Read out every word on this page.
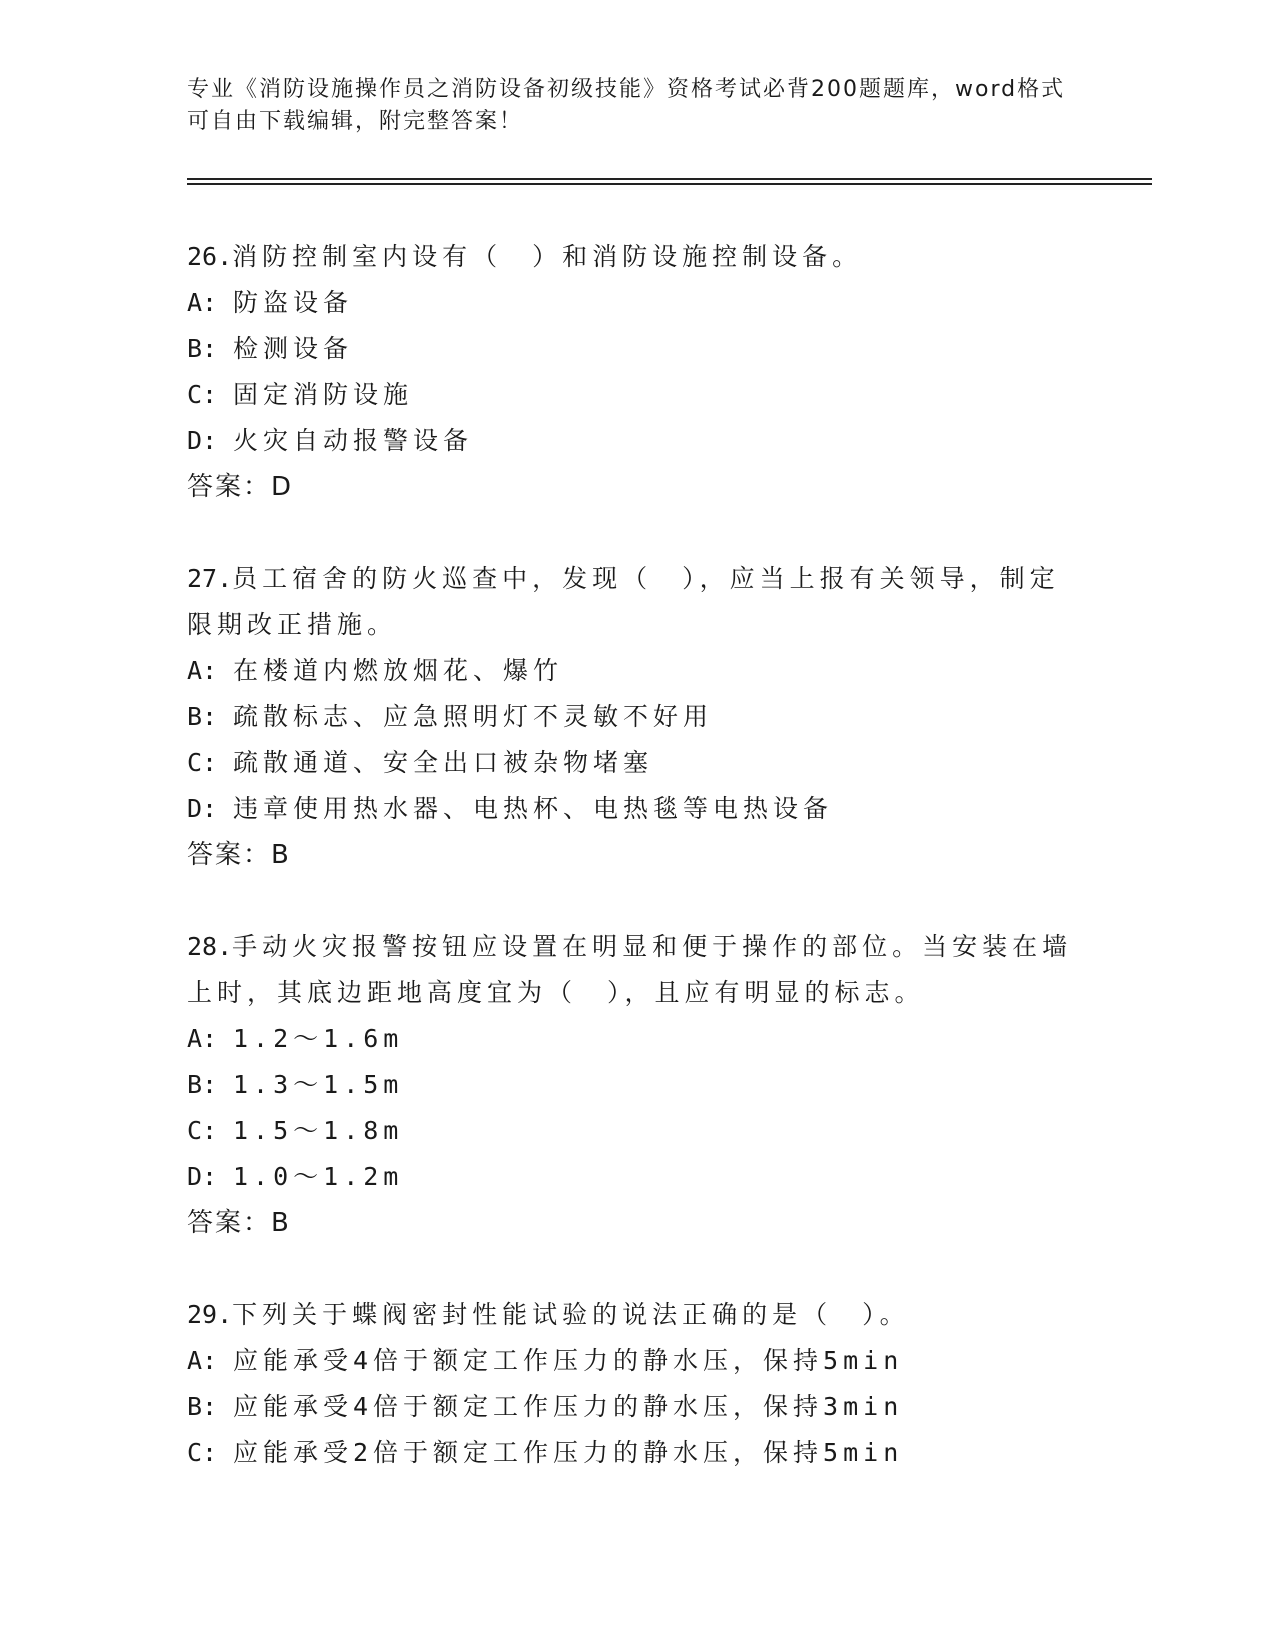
专业《消防设施操作员之消防设备初级技能》资格考试必背200题题库，word格式可自由下载编辑，附完整答案！
26.消防控制室内设有（　）和消防设施控制设备。
A: 防盗设备
B: 检测设备
C: 固定消防设施
D: 火灾自动报警设备
答案：D
27.员工宿舍的防火巡查中，发现（　），应当上报有关领导，制定限期改正措施。
A: 在楼道内燃放烟花、爆竹
B: 疏散标志、应急照明灯不灵敏不好用
C: 疏散通道、安全出口被杂物堵塞
D: 违章使用热水器、电热杯、电热毯等电热设备
答案：B
28.手动火灾报警按钮应设置在明显和便于操作的部位。当安装在墙上时，其底边距地高度宜为（　），且应有明显的标志。
A: 1.2～1.6m
B: 1.3～1.5m
C: 1.5～1.8m
D: 1.0～1.2m
答案：B
29.下列关于蝶阀密封性能试验的说法正确的是（　）。
A: 应能承受4倍于额定工作压力的静水压，保持5min
B: 应能承受4倍于额定工作压力的静水压，保持3min
C: 应能承受2倍于额定工作压力的静水压，保持5min
